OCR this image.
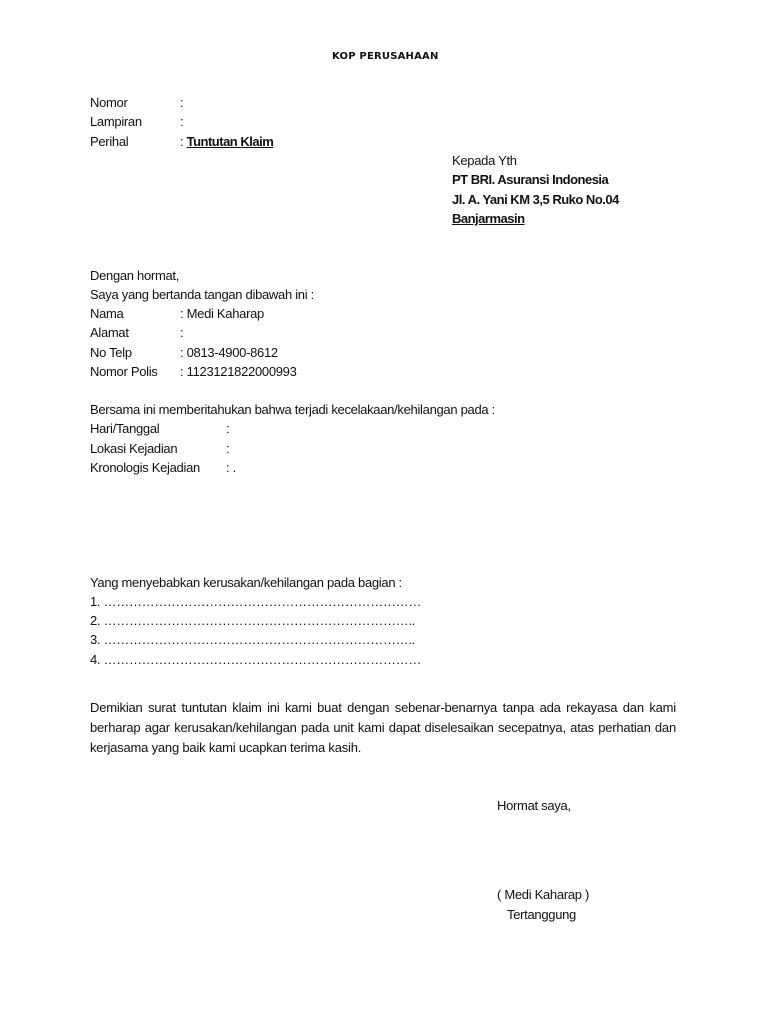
KOP PERUSAHAAN
Nomor	:
Lampiran	:
Perihal	: Tuntutan Klaim
Kepada Yth
PT BRI. Asuransi Indonesia
Jl. A. Yani KM 3,5 Ruko No.04
Banjarmasin
Dengan hormat,
Saya yang bertanda tangan dibawah ini :
Nama	: Medi Kaharap
Alamat	:
No Telp	: 0813-4900-8612
Nomor Polis : 1123121822000993
Bersama ini memberitahukan bahwa terjadi kecelakaan/kehilangan pada :
Hari/Tanggal	:
Lokasi Kejadian	:
Kronologis Kejadian : .
Yang menyebabkan kerusakan/kehilangan pada bagian :
1. …………………………………………………………………
2. ………………………………………………………………..
3. ………………………………………………………………..
4. …………………………………………………………………
Demikian surat tuntutan klaim ini kami buat dengan sebenar-benarnya tanpa ada rekayasa dan kami berharap agar kerusakan/kehilangan pada unit kami dapat diselesaikan secepatnya, atas perhatian dan kerjasama yang baik kami ucapkan terima kasih.
Hormat saya,
( Medi Kaharap )
Tertanggung
